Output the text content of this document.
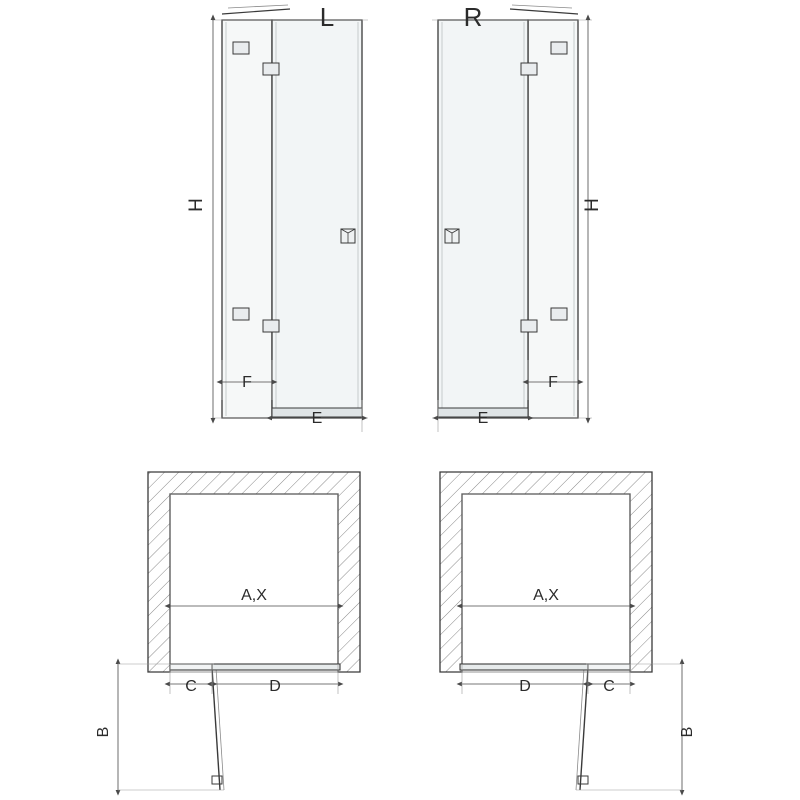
H
F
E
L
H
F
E
R
A,X
C	D
B
A,X
D	C
B
